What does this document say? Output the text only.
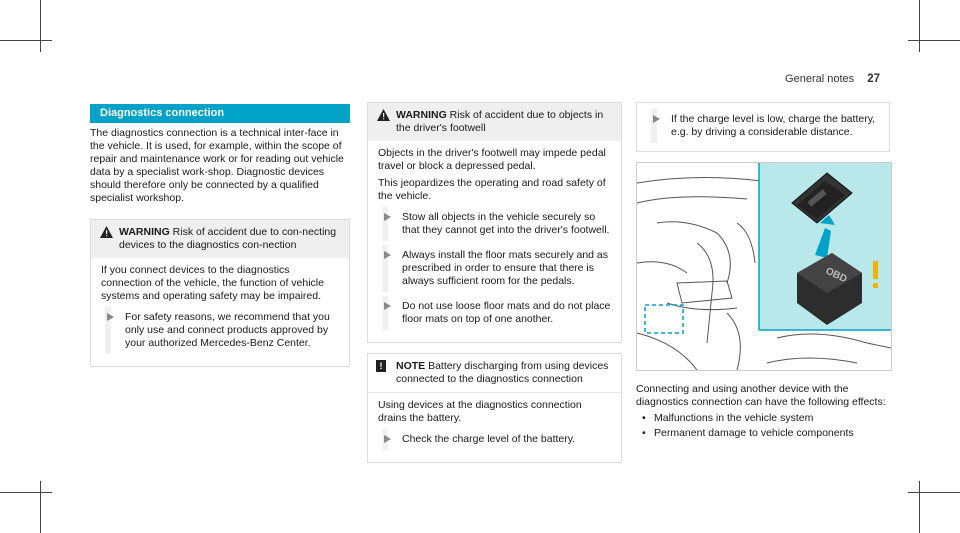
General notes 27
Diagnostics connection
The diagnostics connection is a technical inter-face in the vehicle. It is used, for example, within the scope of repair and maintenance work or for reading out vehicle data by a specialist work-shop. Diagnostic devices should therefore only be connected by a qualified specialist workshop.
WARNING Risk of accident due to con-necting devices to the diagnostics con-nection

If you connect devices to the diagnostics connection of the vehicle, the function of vehicle systems and operating safety may be impaired.

For safety reasons, we recommend that you only use and connect products approved by your authorized Mercedes-Benz Center.
WARNING Risk of accident due to objects in the driver's footwell

Objects in the driver's footwell may impede pedal travel or block a depressed pedal.

This jeopardizes the operating and road safety of the vehicle.

Stow all objects in the vehicle securely so that they cannot get into the driver's footwell.
Always install the floor mats securely and as prescribed in order to ensure that there is always sufficient room for the pedals.
Do not use loose floor mats and do not place floor mats on top of one another.
!	NOTE Battery discharging from using devices connected to the diagnostics connection

Using devices at the diagnostics connection drains the battery.

Check the charge level of the battery.
If the charge level is low, charge the battery, e.g. by driving a considerable distance.
OBD
Connecting and using another device with the diagnostics connection can have the following effects:
• Malfunctions in the vehicle system
• Permanent damage to vehicle components
